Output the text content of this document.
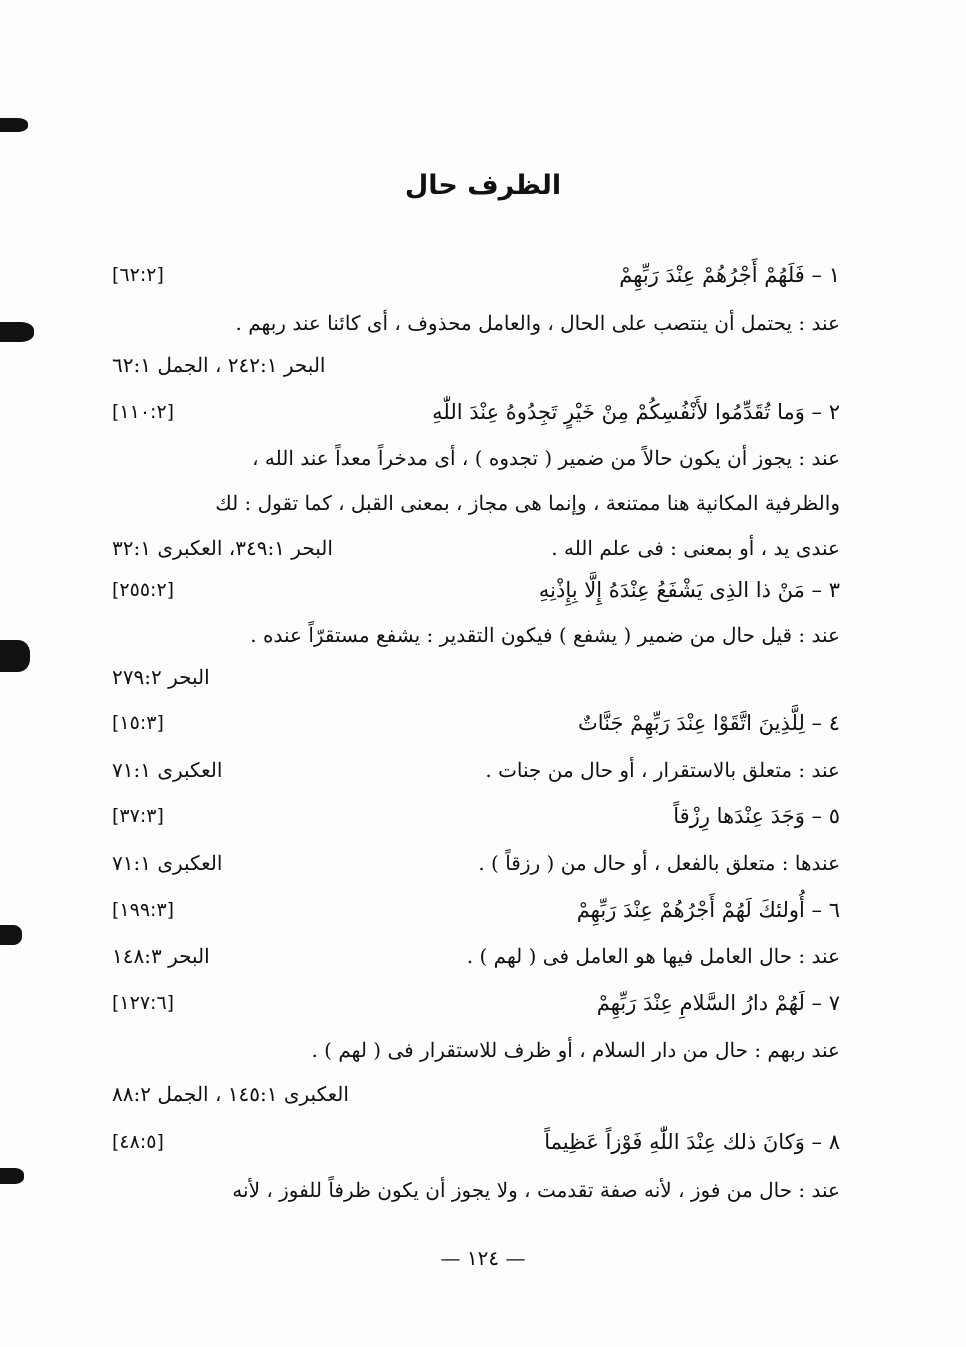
الظرف حال
١ – فَلَهُمْ أَجْرُهُمْ عِنْدَ رَبِّهِمْ
[٦٢:٢]
عند : يحتمل أن ينتصب على الحال ، والعامل محذوف ، أى كائنا عند ربهم .
البحر ٢٤٢:١ ، الجمل ٦٢:١
٢ – وَما تُقَدِّمُوا لأَنْفُسِكُمْ مِنْ خَيْرٍ تَجِدُوهُ عِنْدَ اللّٰهِ
[١١٠:٢]
عند : يجوز أن يكون حالاً من ضمير ( تجدوه ) ، أى مدخراً معداً عند الله ،
والظرفية المكانية هنا ممتنعة ، وإنما هى مجاز ، بمعنى القبل ، كما تقول : لك
عندى يد ، أو بمعنى : فى علم الله .
البحر ٣٤٩:١، العكبرى ٣٢:١
٣ – مَنْ ذا الذِى يَشْفَعُ عِنْدَهُ إِلَّا بِإِذْنِهِ
[٢٥٥:٢]
عند : قيل حال من ضمير ( يشفع ) فيكون التقدير : يشفع مستقرّاً عنده .
البحر ٢٧٩:٢
٤ – لِلَّذِينَ اتَّقَوْا عِنْدَ رَبِّهِمْ جَنَّاتٌ
[١٥:٣]
عند : متعلق بالاستقرار ، أو حال من جنات .
العكبرى ٧١:١
٥ – وَجَدَ عِنْدَها رِزْقاً
[٣٧:٣]
عندها : متعلق بالفعل ، أو حال من ( رزقاً ) .
العكبرى ٧١:١
٦ – أُولئكَ لَهُمْ أَجْرُهُمْ عِنْدَ رَبِّهِمْ
[١٩٩:٣]
عند : حال العامل فيها هو العامل فى ( لهم ) .
البحر ١٤٨:٣
٧ – لَهُمْ دارُ السَّلامِ عِنْدَ رَبِّهِمْ
[١٢٧:٦]
عند ربهم : حال من دار السلام ، أو ظرف للاستقرار فى ( لهم ) .
العكبرى ١٤٥:١ ، الجمل ٨٨:٢
٨ – وَكانَ ذلك عِنْدَ اللّٰهِ فَوْزاً عَظِيماً
[٤٨:٥]
عند : حال من فوز ، لأنه صفة تقدمت ، ولا يجوز أن يكون ظرفاً للفوز ، لأنه
— ١٢٤ —
